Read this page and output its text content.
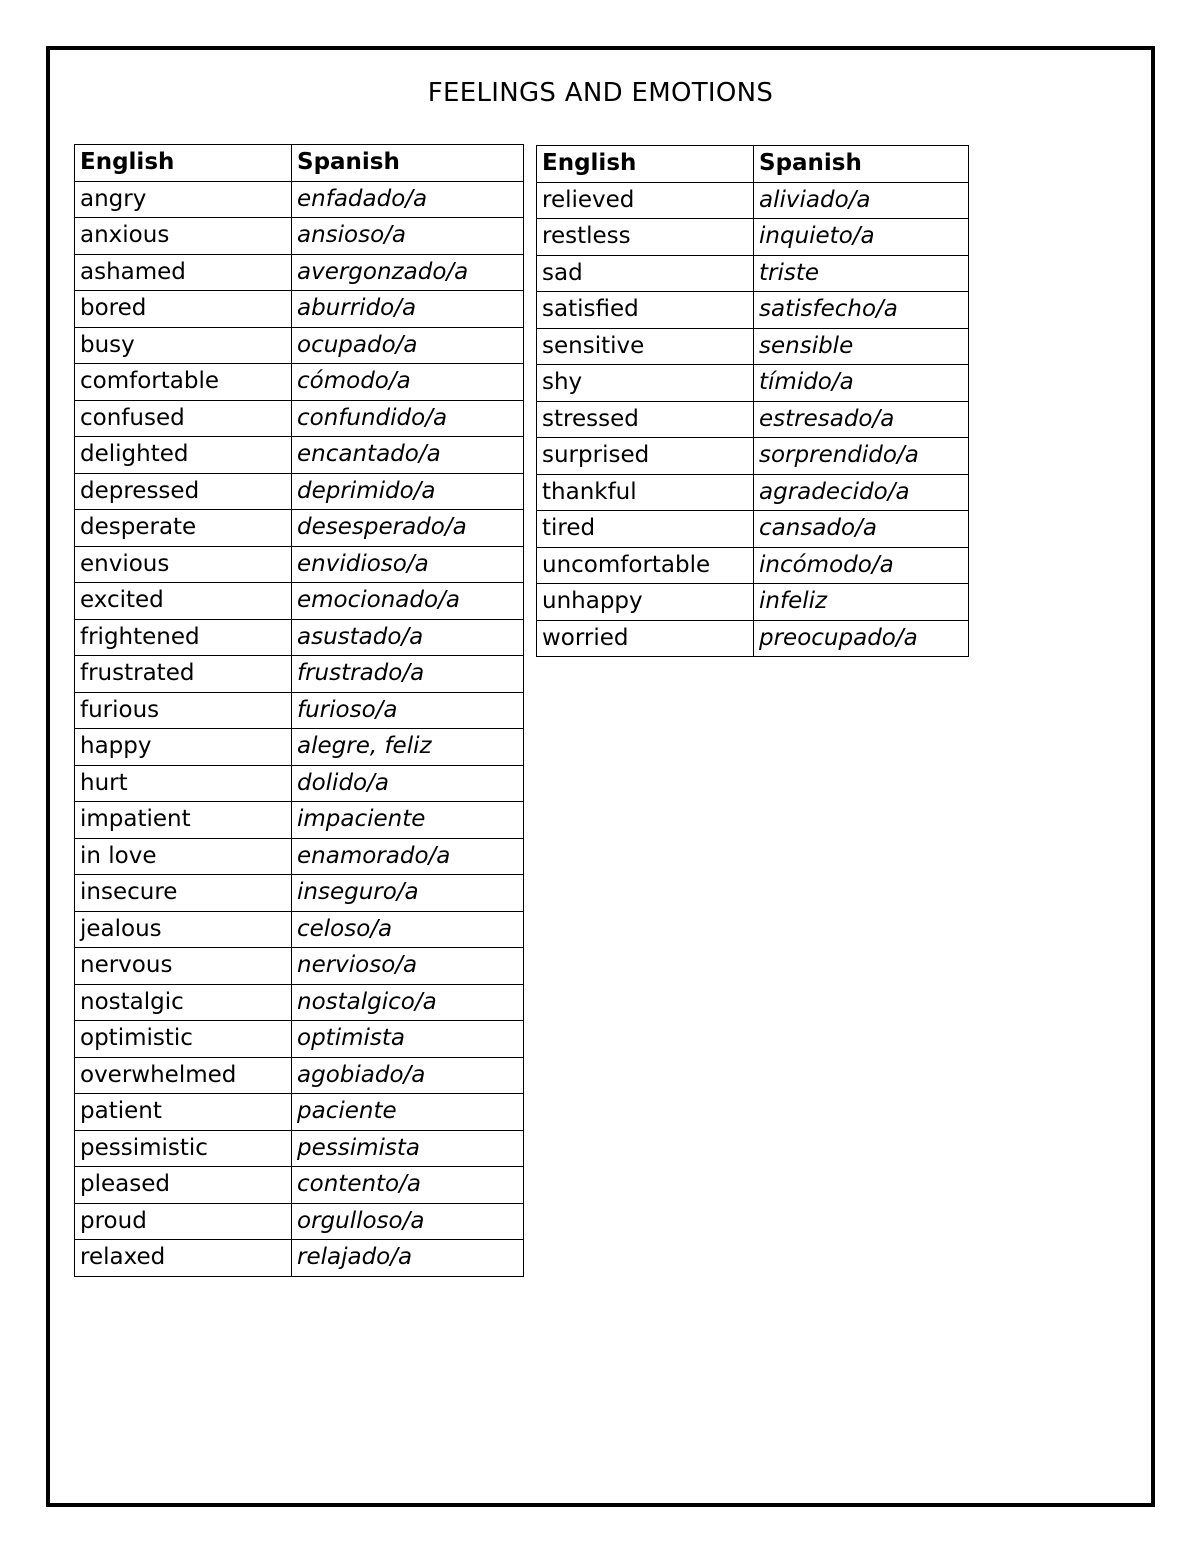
FEELINGS AND EMOTIONS
English	Spanish
angry	enfadado/a
anxious	ansioso/a
ashamed	avergonzado/a
bored	aburrido/a
busy	ocupado/a
comfortable	cómodo/a
confused	confundido/a
delighted	encantado/a
depressed	deprimido/a
desperate	desesperado/a
envious	envidioso/a
excited	emocionado/a
frightened	asustado/a
frustrated	frustrado/a
furious	furioso/a
happy	alegre, feliz
hurt	dolido/a
impatient	impaciente
in love	enamorado/a
insecure	inseguro/a
jealous	celoso/a
nervous	nervioso/a
nostalgic	nostalgico/a
optimistic	optimista
overwhelmed	agobiado/a
patient	paciente
pessimistic	pessimista
pleased	contento/a
proud	orgulloso/a
relaxed	relajado/a
English	Spanish
relieved	aliviado/a
restless	inquieto/a
sad	triste
satisfied	satisfecho/a
sensitive	sensible
shy	tímido/a
stressed	estresado/a
surprised	sorprendido/a
thankful	agradecido/a
tired	cansado/a
uncomfortable	incómodo/a
unhappy	infeliz
worried	preocupado/a
